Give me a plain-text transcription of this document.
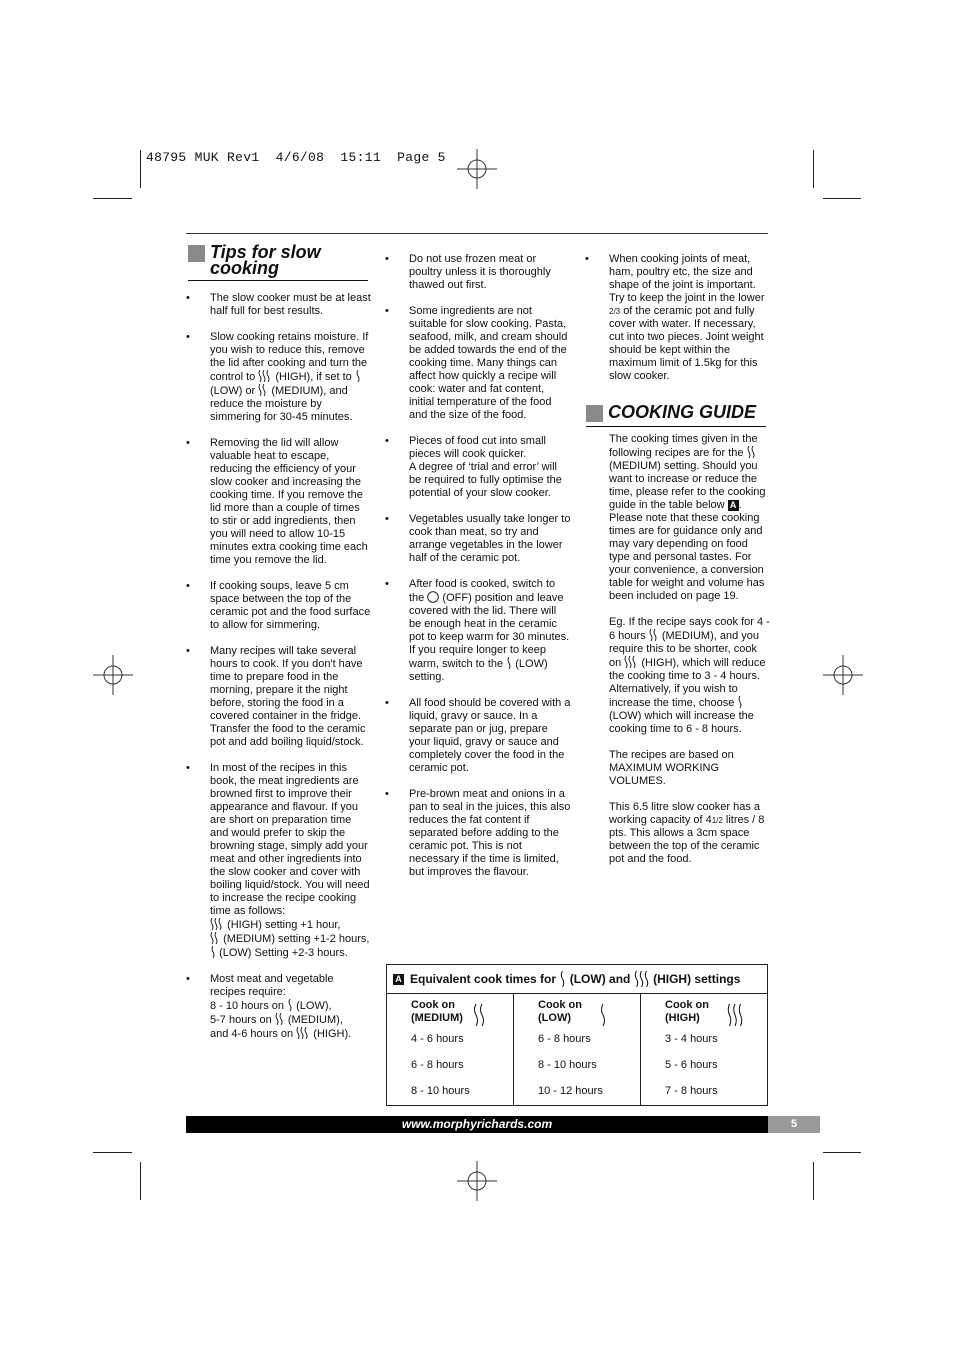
48795 MUK Rev1  4/6/08  15:11  Page 5
Tips for slow
cooking
• The slow cooker must be at least half full for best results.
• Slow cooking retains moisture. If you wish to reduce this, remove the lid after cooking and turn the control to (HIGH), if set to  (LOW) or (MEDIUM), and reduce the moisture by simmering for 30-45 minutes.
• Removing the lid will allow valuable heat to escape, reducing the efficiency of your slow cooker and increasing the cooking time. If you remove the lid more than a couple of times to stir or add ingredients, then you will need to allow 10-15 minutes extra cooking time each time you remove the lid.
• If cooking soups, leave 5 cm space between the top of the ceramic pot and the food surface to allow for simmering.
• Many recipes will take several hours to cook. If you don't have time to prepare food in the morning, prepare it the night before, storing the food in a covered container in the fridge. Transfer the food to the ceramic pot and add boiling liquid/stock.
• In most of the recipes in this book, the meat ingredients are browned first to improve their appearance and flavour. If you are short on preparation time and would prefer to skip the browning stage, simply add your meat and other ingredients into the slow cooker and cover with boiling liquid/stock. You will need to increase the recipe cooking time as follows:
(HIGH) setting +1 hour,
(MEDIUM) setting +1-2 hours,
(LOW) Setting +2-3 hours.
• Most meat and vegetable recipes require:
8 - 10 hours on (LOW),
5-7 hours on (MEDIUM),
and 4-6 hours on (HIGH).
• Do not use frozen meat or poultry unless it is thoroughly thawed out first.
• Some ingredients are not suitable for slow cooking. Pasta, seafood, milk, and cream should be added towards the end of the cooking time. Many things can affect how quickly a recipe will cook: water and fat content, initial temperature of the food and the size of the food.
• Pieces of food cut into small pieces will cook quicker.
A degree of ‘trial and error’ will be required to fully optimise the potential of your slow cooker.
• Vegetables usually take longer to cook than meat, so try and arrange vegetables in the lower half of the ceramic pot.
• After food is cooked, switch to the (OFF) position and leave covered with the lid. There will be enough heat in the ceramic pot to keep warm for 30 minutes. If you require longer to keep warm, switch to the (LOW) setting.
• All food should be covered with a liquid, gravy or sauce. In a separate pan or jug, prepare your liquid, gravy or sauce and completely cover the food in the ceramic pot.
• Pre-brown meat and onions in a pan to seal in the juices, this also reduces the fat content if separated before adding to the ceramic pot. This is not necessary if the time is limited, but improves the flavour.
• When cooking joints of meat, ham, poultry etc, the size and shape of the joint is important. Try to keep the joint in the lower 2/3 of the ceramic pot and fully cover with water. If necessary, cut into two pieces. Joint weight should be kept within the maximum limit of 1.5kg for this slow cooker.
COOKING GUIDE

The cooking times given in the following recipes are for the  (MEDIUM) setting. Should you want to increase or reduce the time, please refer to the cooking guide in the table below A . Please note that these cooking times are for guidance only and may vary depending on food type and personal tastes. For your convenience, a conversion table for weight and volume has been included on page 19.

Eg. If the recipe says cook for 4 - 6 hours (MEDIUM), and you require this to be shorter, cook on (HIGH), which will reduce the cooking time to 3 - 4 hours. Alternatively, if you wish to increase the time, choose  (LOW) which will increase the cooking time to 6 - 8 hours.

The recipes are based on MAXIMUM WORKING VOLUMES.

This 6.5 litre slow cooker has a working capacity of 41/2 litres / 8 pts. This allows a 3cm space between the top of the ceramic pot and the food.

A Equivalent cook times for

(LOW) and

(HIGH) settings
Cook on
(MEDIUM)
4 - 6 hours
6 - 8 hours
8 - 10 hours
Cook on
(LOW)
6 - 8 hours
8 - 10 hours
10 - 12 hours
Cook on
(HIGH)
3 - 4 hours
5 - 6 hours
7 - 8 hours
www.morphyrichards.com	5
